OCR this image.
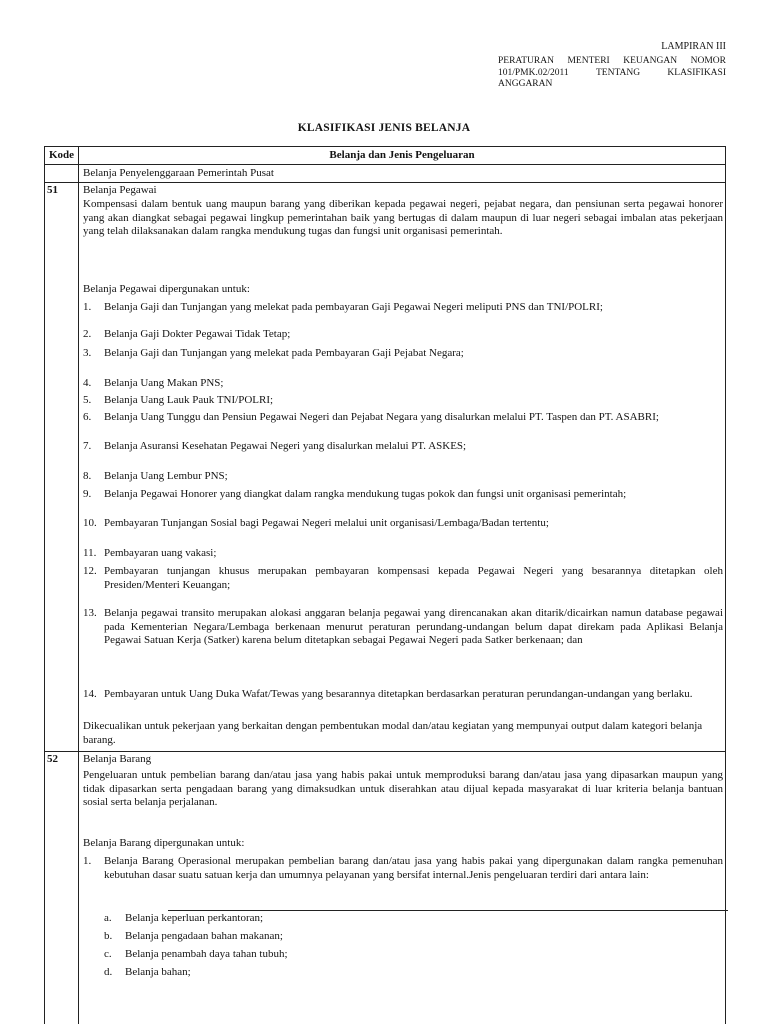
LAMPIRAN III
PERATURAN MENTERI KEUANGAN NOMOR
101/PMK.02/2011	TENTANG	KLASIFIKASI
ANGGARAN
KLASIFIKASI JENIS BELANJA
Kode	Belanja dan Jenis Pengeluaran
Belanja Penyelenggaraan Pemerintah Pusat
51 Belanja Pegawai
Kompensasi dalam bentuk uang maupun barang yang diberikan kepada pegawai negeri, pejabat negara, dan pensiunan serta pegawai honorer yang akan diangkat sebagai pegawai lingkup pemerintahan baik yang bertugas di dalam maupun di luar negeri sebagai imbalan atas pekerjaan yang telah dilaksanakan dalam rangka mendukung tugas dan fungsi unit organisasi pemerintah.
Belanja Pegawai dipergunakan untuk:
1.	Belanja Gaji dan Tunjangan yang melekat pada pembayaran Gaji Pegawai Negeri meliputi PNS dan TNI/POLRI;
2.	Belanja Gaji Dokter Pegawai Tidak Tetap;
3.	Belanja Gaji dan Tunjangan yang melekat pada Pembayaran Gaji Pejabat Negara;
4.	Belanja Uang Makan PNS;
5.	Belanja Uang Lauk Pauk TNI/POLRI;
6.	Belanja Uang Tunggu dan Pensiun Pegawai Negeri dan Pejabat Negara yang disalurkan melalui PT. Taspen dan PT. ASABRI;
7.	Belanja Asuransi Kesehatan Pegawai Negeri yang disalurkan melalui PT. ASKES;
8.	Belanja Uang Lembur PNS;
9.	Belanja Pegawai Honorer yang diangkat dalam rangka mendukung tugas pokok dan fungsi unit organisasi pemerintah;
10. Pembayaran Tunjangan Sosial bagi Pegawai Negeri melalui unit organisasi/Lembaga/Badan tertentu;
11. Pembayaran uang vakasi;
12. Pembayaran tunjangan khusus merupakan pembayaran kompensasi kepada Pegawai Negeri yang besarannya ditetapkan oleh Presiden/Menteri Keuangan;
13. Belanja pegawai transito merupakan alokasi anggaran belanja pegawai yang direncanakan akan ditarik/dicairkan namun database pegawai pada Kementerian Negara/Lembaga berkenaan menurut peraturan perundang-undangan belum dapat direkam pada Aplikasi Belanja Pegawai Satuan Kerja (Satker) karena belum ditetapkan sebagai Pegawai Negeri pada Satker berkenaan; dan
14. Pembayaran untuk Uang Duka Wafat/Tewas yang besarannya ditetapkan berdasarkan peraturan perundangan-undangan yang berlaku.
Dikecualikan untuk pekerjaan yang berkaitan dengan pembentukan modal dan/atau kegiatan yang mempunyai output dalam kategori belanja barang.
52 Belanja Barang
Pengeluaran untuk pembelian barang dan/atau jasa yang habis pakai untuk memproduksi barang dan/atau jasa yang dipasarkan maupun yang tidak dipasarkan serta pengadaan barang yang dimaksudkan untuk diserahkan atau dijual kepada masyarakat di luar kriteria belanja bantuan sosial serta belanja perjalanan.
Belanja Barang dipergunakan untuk:
1.	Belanja Barang Operasional merupakan pembelian barang dan/atau jasa yang habis pakai yang dipergunakan dalam rangka pemenuhan kebutuhan dasar suatu satuan kerja dan umumnya pelayanan yang bersifat internal.Jenis pengeluaran terdiri dari antara lain:
a.	Belanja keperluan perkantoran;
b.	Belanja pengadaan bahan makanan;
c.	Belanja penambah daya tahan tubuh;
d.	Belanja bahan;
